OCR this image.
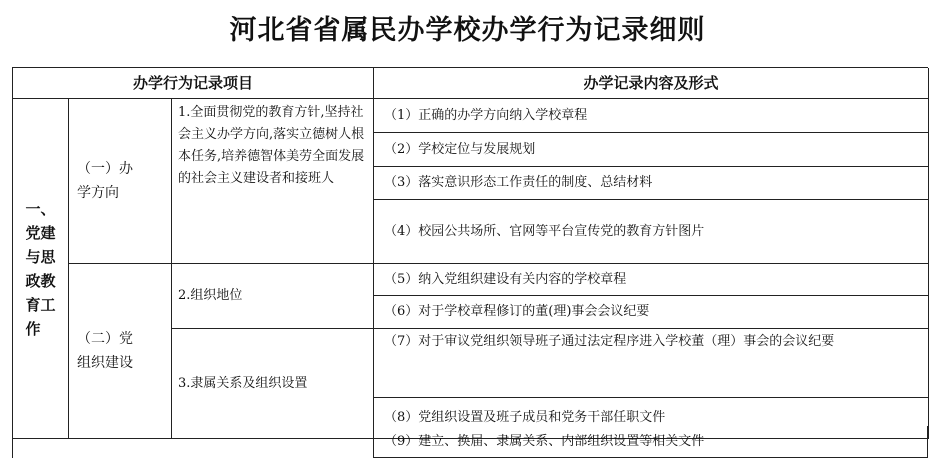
河北省省属民办学校办学行为记录细则
办学行为记录项目	办学记录内容及形式
一、
党建
与思
政教
育工
作
（一）办
学方向
（二）党
组织建设
1.全面贯彻党的教育方针,坚持社会主义办学方向,落实立德树人根本任务,培养德智体美劳全面发展的社会主义建设者和接班人
2.组织地位
3.隶属关系及组织设置
（1）正确的办学方向纳入学校章程
（2）学校定位与发展规划
（3）落实意识形态工作责任的制度、总结材料
（4）校园公共场所、官网等平台宣传党的教育方针图片
（5）纳入党组织建设有关内容的学校章程
（6）对于学校章程修订的董(理)事会会议纪要
（7）对于审议党组织领导班子通过法定程序进入学校董（理）事会的会议纪要
（8）党组织设置及班子成员和党务干部任职文件
（9）建立、换届、隶属关系、内部组织设置等相关文件
